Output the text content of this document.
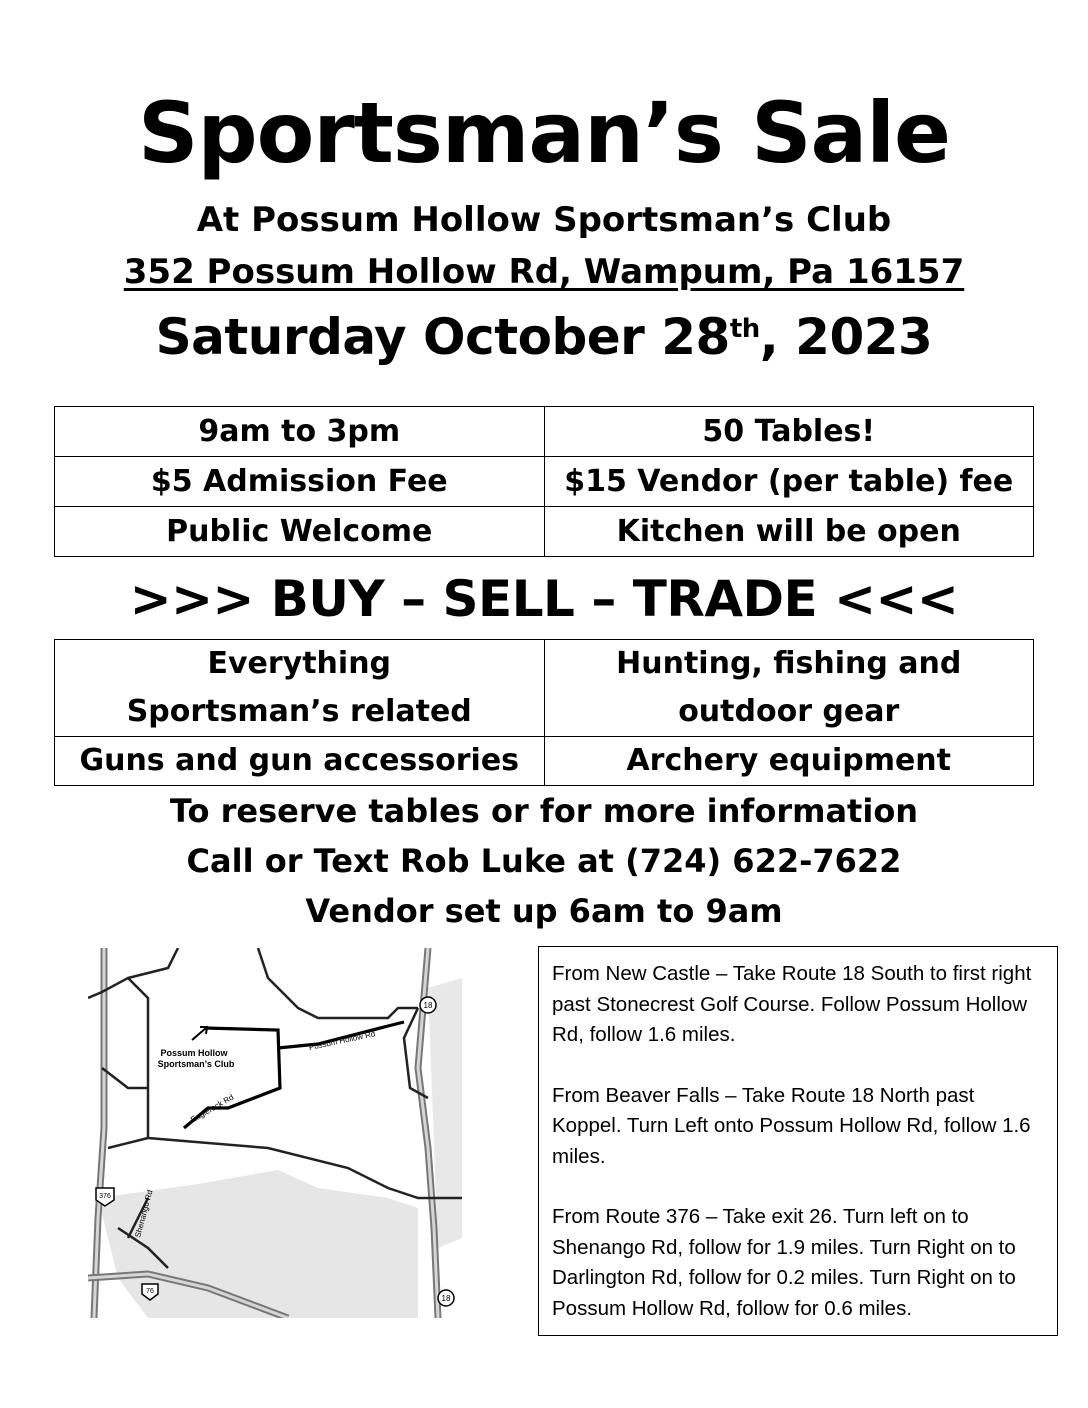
Sportsman’s Sale
At Possum Hollow Sportsman’s Club
352 Possum Hollow Rd, Wampum, Pa 16157
Saturday October 28th, 2023
9am to 3pm	50 Tables!
$5 Admission Fee	$15 Vendor (per table) fee
Public Welcome	Kitchen will be open
>>> BUY – SELL – TRADE <<<
Everything Sportsman’s related	Hunting, fishing and outdoor gear
Guns and gun accessories	Archery equipment
To reserve tables or for more information
Call or Text Rob Luke at (724) 622-7622
Vendor set up 6am to 9am
Possum Hollow
Sportsman’s Club
Possum Hollow Rd
Eaglerock Rd
Shenango Rd
18
18
376
76

From New Castle – Take Route 18 South to first right past Stonecrest Golf Course. Follow Possum Hollow Rd, follow 1.6 miles.

From Beaver Falls – Take Route 18 North past Koppel. Turn Left onto Possum Hollow Rd, follow 1.6 miles.

From Route 376 – Take exit 26. Turn left on to Shenango Rd, follow for 1.9 miles. Turn Right on to Darlington Rd, follow for 0.2 miles. Turn Right on to Possum Hollow Rd, follow for 0.6 miles.
